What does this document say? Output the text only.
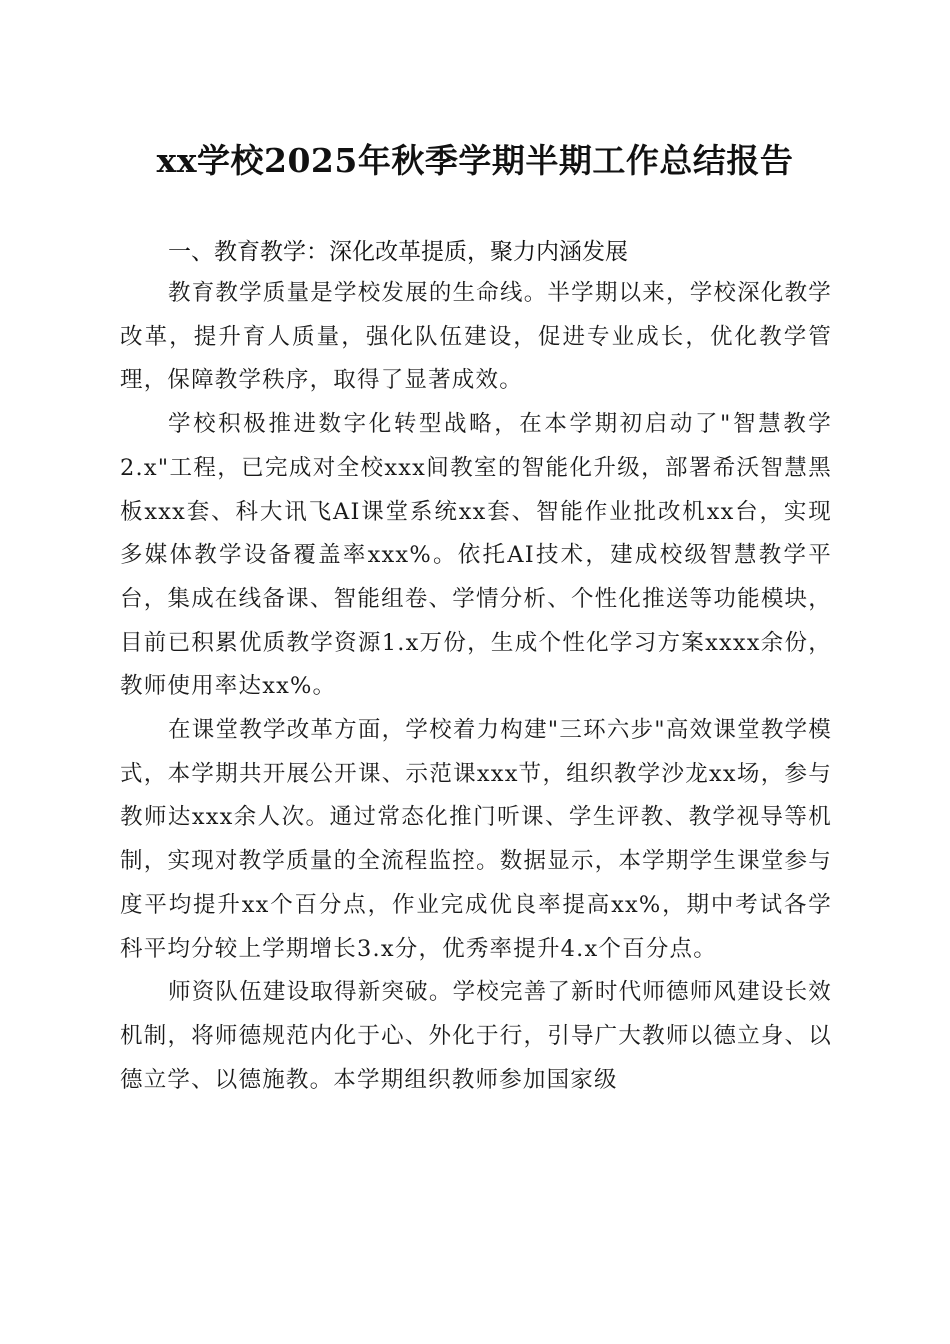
xx学校2025年秋季学期半期工作总结报告
一、教育教学：深化改革提质，聚力内涵发展

教育教学质量是学校发展的生命线。半学期以来，学校深化教学改革，提升育人质量，强化队伍建设，促进专业成长，优化教学管理，保障教学秩序，取得了显著成效。

学校积极推进数字化转型战略，在本学期初启动了"智慧教学2.x"工程，已完成对全校xxx间教室的智能化升级，部署希沃智慧黑板xxx套、科大讯飞AI课堂系统xx套、智能作业批改机xx台，实现多媒体教学设备覆盖率xxx%。依托AI技术，建成校级智慧教学平台，集成在线备课、智能组卷、学情分析、个性化推送等功能模块，目前已积累优质教学资源1.x万份，生成个性化学习方案xxxx余份，教师使用率达xx%。

在课堂教学改革方面，学校着力构建"三环六步"高效课堂教学模式，本学期共开展公开课、示范课xxx节，组织教学沙龙xx场，参与教师达xxx余人次。通过常态化推门听课、学生评教、教学视导等机制，实现对教学质量的全流程监控。数据显示，本学期学生课堂参与度平均提升xx个百分点，作业完成优良率提高xx%，期中考试各学科平均分较上学期增长3.x分，优秀率提升4.x个百分点。

师资队伍建设取得新突破。学校完善了新时代师德师风建设长效机制，将师德规范内化于心、外化于行，引导广大教师以德立身、以德立学、以德施教。本学期组织教师参加国家级
